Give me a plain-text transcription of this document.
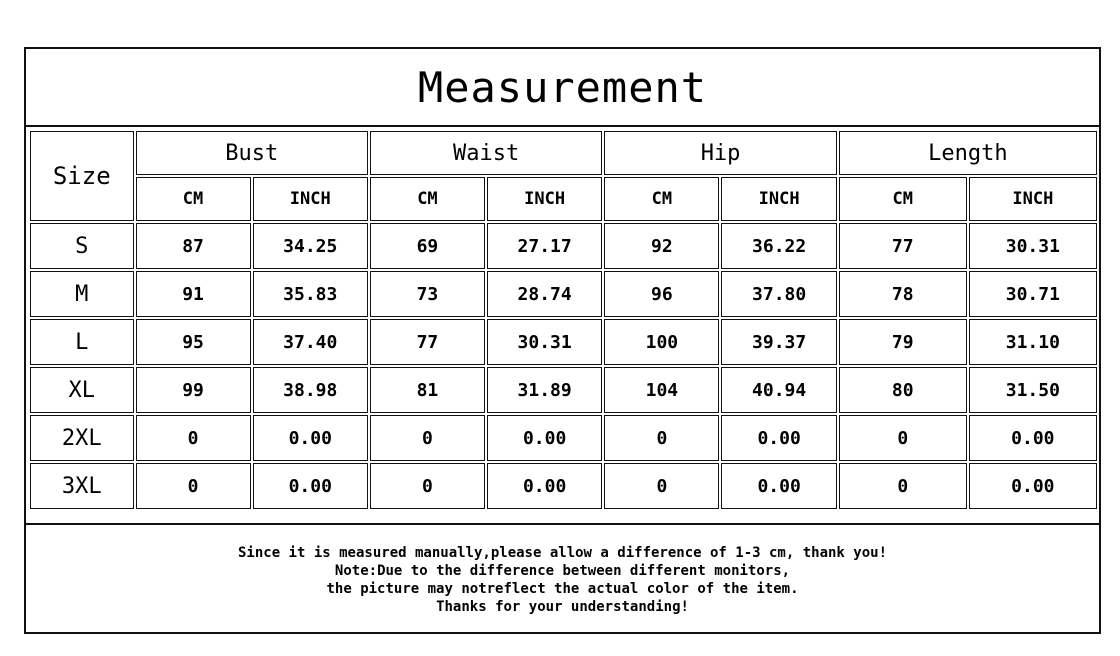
Measurement
Size	Bust		Waist		Hip		Length	
	CM	INCH	CM	INCH	CM	INCH	CM	INCH
S	87	34.25	69	27.17	92	36.22	77	30.31
M	91	35.83	73	28.74	96	37.80	78	30.71
L	95	37.40	77	30.31	100	39.37	79	31.10
XL	99	38.98	81	31.89	104	40.94	80	31.50
2XL	0	0.00	0	0.00	0	0.00	0	0.00
3XL	0	0.00	0	0.00	0	0.00	0	0.00
Since it is measured manually,please allow a difference of 1-3 cm, thank you!
Note:Due to the difference between different monitors,
the picture may notreflect the actual color of the item.
Thanks for your understanding!
